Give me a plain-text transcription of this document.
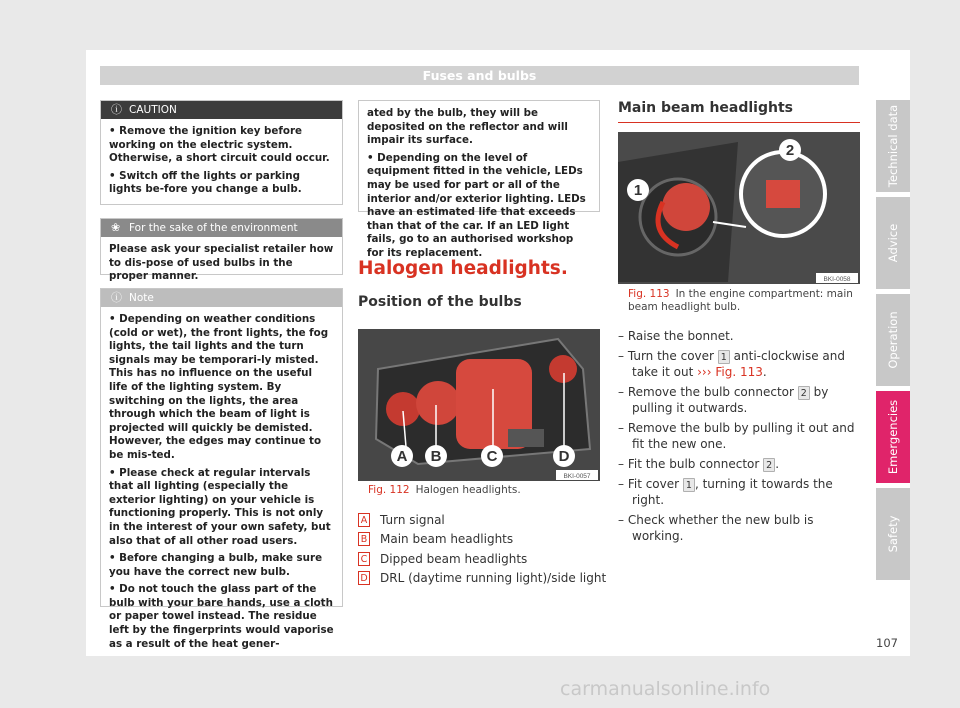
Fuses and bulbs
ⓘ CAUTION

• Remove the ignition key before working on the electric system. Otherwise, a short circuit could occur.

• Switch off the lights or parking lights be-fore you change a bulb.

❀ For the sake of the environment

Please ask your specialist retailer how to dis-pose of used bulbs in the proper manner.

ⓘ Note

• Depending on weather conditions (cold or wet), the front lights, the fog lights, the tail lights and the turn signals may be temporari-ly misted. This has no influence on the useful life of the lighting system. By switching on the lights, the area through which the beam of light is projected will quickly be demisted. However, the edges may continue to be mis-ted.

• Please check at regular intervals that all lighting (especially the exterior lighting) on your vehicle is functioning properly. This is not only in the interest of your own safety, but also that of all other road users.

• Before changing a bulb, make sure you have the correct new bulb.

• Do not touch the glass part of the bulb with your bare hands, use a cloth or paper towel instead. The residue left by the fingerprints would vaporise as a result of the heat gener-

ated by the bulb, they will be deposited on the reflector and will impair its surface.

• Depending on the level of equipment fitted in the vehicle, LEDs may be used for part or all of the interior and/or exterior lighting. LEDs have an estimated life that exceeds than that of the car. If an LED light fails, go to an authorised workshop for its replacement.

Halogen headlights.
Position of the bulbs
A B	C	D
BKI-0057
Fig. 112 Halogen headlights.
A Turn signal
B Main beam headlights
C Dipped beam headlights
D DRL (daytime running light)/side light
Main beam headlights
1
2
BKI-0058
Fig. 113 In the engine compartment: main beam headlight bulb.
– Raise the bonnet.
– Turn the cover 1 anti-clockwise and take it out ››› Fig. 113.
– Remove the bulb connector 2 by pulling it outwards.
– Remove the bulb by pulling it out and fit the new one.
– Fit the bulb connector 2 .
– Fit cover 1 , turning it towards the right.
– Check whether the new bulb is working.
Technical data
Advice
Operation
Emergencies
Safety
107
carmanualsonline.info
